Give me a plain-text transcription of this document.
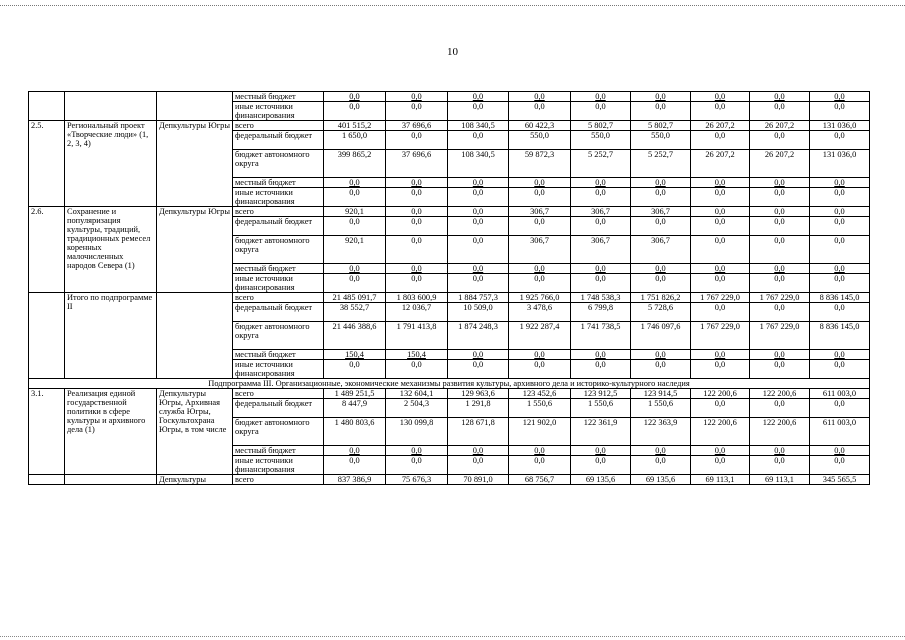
10
			местный бюджет	0,0	0,0	0,0	0,0	0,0	0,0	0,0	0,0	0,0
			иные источники финансирования	0,0	0,0	0,0	0,0	0,0	0,0	0,0	0,0	0,0
2.5.	Региональный проект «Творческие люди» (1, 2, 3, 4)	Депкультуры Югры	всего	401 515,2	37 696,6	108 340,5	60 422,3	5 802,7	5 802,7	26 207,2	26 207,2	131 036,0
			федеральный бюджет	1 650,0	0,0	0,0	550,0	550,0	550,0	0,0	0,0	0,0
			бюджет автономного округа	399 865,2	37 696,6	108 340,5	59 872,3	5 252,7	5 252,7	26 207,2	26 207,2	131 036,0
			местный бюджет	0,0	0,0	0,0	0,0	0,0	0,0	0,0	0,0	0,0
			иные источники финансирования	0,0	0,0	0,0	0,0	0,0	0,0	0,0	0,0	0,0
2.6.	Сохранение и популяризация культуры, традиций, традиционных ремесел коренных малочисленных народов Севера (1)	Депкультуры Югры	всего	920,1	0,0	0,0	306,7	306,7	306,7	0,0	0,0	0,0
			федеральный бюджет	0,0	0,0	0,0	0,0	0,0	0,0	0,0	0,0	0,0
			бюджет автономного округа	920,1	0,0	0,0	306,7	306,7	306,7	0,0	0,0	0,0
			местный бюджет	0,0	0,0	0,0	0,0	0,0	0,0	0,0	0,0	0,0
			иные источники финансирования	0,0	0,0	0,0	0,0	0,0	0,0	0,0	0,0	0,0
	Итого по подпрограмме II		всего	21 485 091,7	1 803 600,9	1 884 757,3	1 925 766,0	1 748 538,3	1 751 826,2	1 767 229,0	1 767 229,0	8 836 145,0
			федеральный бюджет	38 552,7	12 036,7	10 509,0	3 478,6	6 799,8	5 728,6	0,0	0,0	0,0
			бюджет автономного округа	21 446 388,6	1 791 413,8	1 874 248,3	1 922 287,4	1 741 738,5	1 746 097,6	1 767 229,0	1 767 229,0	8 836 145,0
			местный бюджет	150,4	150,4	0,0	0,0	0,0	0,0	0,0	0,0	0,0
			иные источники финансирования	0,0	0,0	0,0	0,0	0,0	0,0	0,0	0,0	0,0
Подпрограмма III. Организационные, экономические механизмы развития культуры, архивного дела и историко-культурного наследия												
3.1.	Реализация единой государственной политики в сфере культуры и архивного дела (1)	Депкультуры Югры, Архивная служба Югры, Госкультохрана Югры, в том числе	всего	1 489 251,5	132 604,1	129 963,6	123 452,6	123 912,5	123 914,5	122 200,6	122 200,6	611 003,0
			федеральный бюджет	8 447,9	2 504,3	1 291,8	1 550,6	1 550,6	1 550,6	0,0	0,0	0,0
			бюджет автономного округа	1 480 803,6	130 099,8	128 671,8	121 902,0	122 361,9	122 363,9	122 200,6	122 200,6	611 003,0
			местный бюджет	0,0	0,0	0,0	0,0	0,0	0,0	0,0	0,0	0,0
			иные источники финансирования	0,0	0,0	0,0	0,0	0,0	0,0	0,0	0,0	0,0
		Депкультуры	всего	837 386,9	75 676,3	70 891,0	68 756,7	69 135,6	69 135,6	69 113,1	69 113,1	345 565,5
